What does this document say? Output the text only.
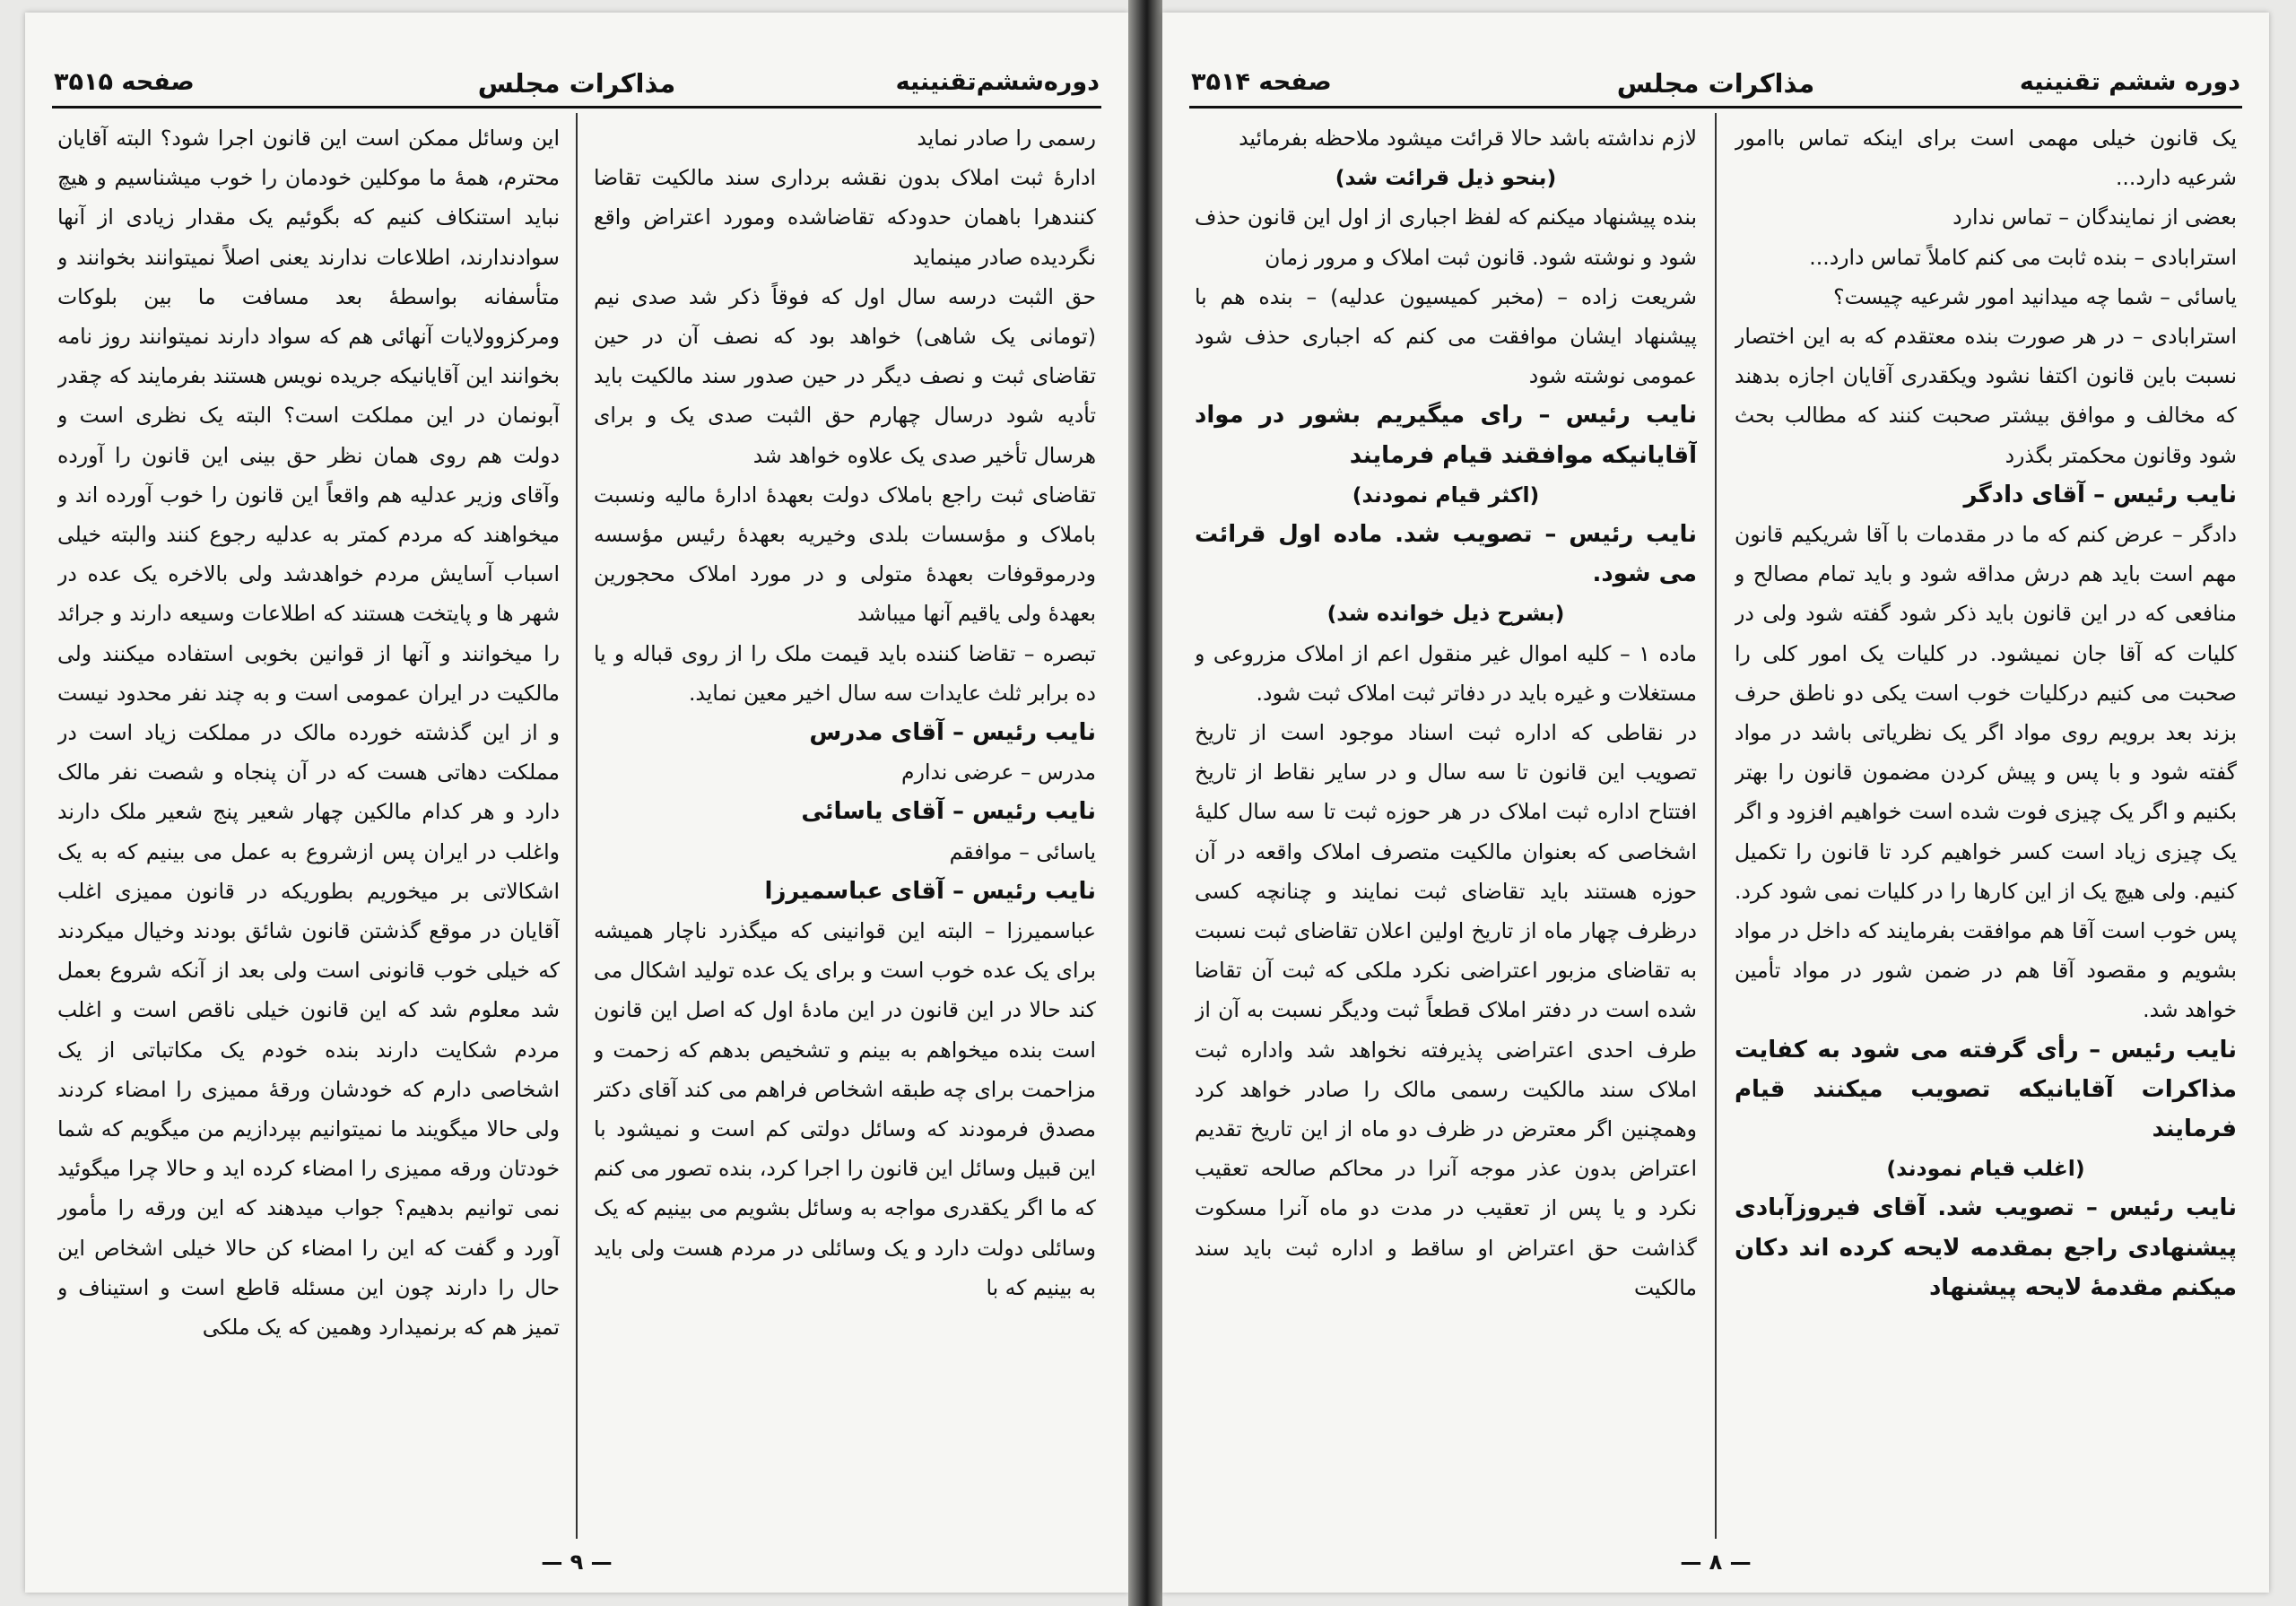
دوره‌ششم‌تقنینیه
مذاکرات مجلس
صفحه ۳۵۱۵

رسمی را صادر نماید

ادارهٔ ثبت املاک بدون نقشه برداری سند مالکیت تقاضا کنندهرا باهمان حدودکه تقاضاشده ومورد اعتراض واقع نگردیده صادر مینماید

حق الثبت درسه سال اول که فوقاً ذکر شد صدی نیم (تومانی یک شاهی) خواهد بود که نصف آن در حین تقاضای ثبت و نصف دیگر در حین صدور سند مالکیت باید تأدیه شود درسال چهارم حق الثبت صدی یک و برای هرسال تأخیر صدی یک علاوه خواهد شد

تقاضای ثبت راجع باملاک دولت بعهدهٔ ادارهٔ مالیه ونسبت باملاک و مؤسسات بلدی وخیریه بعهدهٔ رئیس مؤسسه ودرموقوفات بعهدهٔ متولی و در مورد املاک محجورین بعهدهٔ ولی یاقیم آنها میباشد

تبصره – تقاضا کننده باید قیمت ملک را از روی قباله و یا ده برابر ثلث عایدات سه سال اخیر معین نماید.

نایب رئیس – آقای مدرس

مدرس – عرضی ندارم

نایب رئیس – آقای یاسائی

یاسائی – موافقم

نایب رئیس – آقای عباسمیرزا

عباسمیرزا – البته این قوانینی که میگذرد ناچار همیشه برای یک عده خوب است و برای یک عده تولید اشکال می کند حالا در این قانون در این مادهٔ اول که اصل این قانون است بنده میخواهم به بینم و تشخیص بدهم که زحمت و مزاحمت برای چه طبقه اشخاص فراهم می کند آقای دکتر مصدق فرمودند که وسائل دولتی کم است و نمیشود با این قبیل وسائل این قانون را اجرا کرد، بنده تصور می کنم که ما اگر یکقدری مواجه به وسائل بشویم می بینیم که یک وسائلی دولت دارد و یک وسائلی در مردم هست ولی باید به بینیم که با

این وسائل ممکن است این قانون اجرا شود؟ البته آقایان محترم، همهٔ ما موکلین خودمان را خوب میشناسیم و هیچ نباید استنکاف کنیم که بگوئیم یک مقدار زیادی از آنها سوادندارند، اطلاعات ندارند یعنی اصلاً نمیتوانند بخوانند و متأسفانه بواسطهٔ بعد مسافت ما بین بلوکات ومرکزوولایات آنهائی هم که سواد دارند نمیتوانند روز نامه بخوانند این آقایانیکه جریده نویس هستند بفرمایند که چقدر آبونمان در این مملکت است؟ البته یک نظری است و دولت هم روی همان نظر حق بینی این قانون را آورده وآقای وزیر عدلیه هم واقعاً این قانون را خوب آورده اند و میخواهند که مردم کمتر به عدلیه رجوع کنند والبته خیلی اسباب آسایش مردم خواهدشد ولی بالاخره یک عده در شهر ها و پایتخت هستند که اطلاعات وسیعه دارند و جرائد را میخوانند و آنها از قوانین بخوبی استفاده میکنند ولی مالکیت در ایران عمومی است و به چند نفر محدود نیست و از این گذشته خورده مالک در مملکت زیاد است در مملکت دهاتی هست که در آن پنجاه و شصت نفر مالک دارد و هر کدام مالکین چهار شعیر پنج شعیر ملک دارند واغلب در ایران پس ازشروع به عمل می بینیم که به یک اشکالاتی بر میخوریم بطوریکه در قانون ممیزی اغلب آقایان در موقع گذشتن قانون شائق بودند وخیال میکردند که خیلی خوب قانونی است ولی بعد از آنکه شروع بعمل شد معلوم شد که این قانون خیلی ناقص است و اغلب مردم شکایت دارند بنده خودم یک مکاتباتی از یک اشخاصی دارم که خودشان ورقهٔ ممیزی را امضاء کردند ولی حالا میگویند ما نمیتوانیم بپردازیم من میگویم که شما خودتان ورقه ممیزی را امضاء کرده اید و حالا چرا میگوئید نمی توانیم بدهیم؟ جواب میدهند که این ورقه را مأمور آورد و گفت که این را امضاء کن حالا خیلی اشخاص این حال را دارند چون این مسئله قاطع است و استیناف و تمیز هم که برنمیدارد وهمین که یک ملکی

— ۹ —
دوره ششم تقنینیه
مذاکرات مجلس
صفحه ۳۵۱۴

یک قانون خیلی مهمی است برای اینکه تماس باامور شرعیه دارد...

بعضی از نمایندگان – تماس ندارد

استرابادی – بنده ثابت می کنم کاملاً تماس دارد...

یاسائی – شما چه میدانید امور شرعیه چیست؟

استرابادی – در هر صورت بنده معتقدم که به این اختصار نسبت باین قانون اکتفا نشود ویکقدری آقایان اجازه بدهند که مخالف و موافق بیشتر صحبت کنند که مطالب بحث شود وقانون محکمتر بگذرد

نایب رئیس – آقای دادگر

دادگر – عرض کنم که ما در مقدمات با آقا شریکیم قانون مهم است باید هم درش مداقه شود و باید تمام مصالح و منافعی که در این قانون باید ذکر شود گفته شود ولی در کلیات که آقا جان نمیشود. در کلیات یک امور کلی را صحبت می کنیم درکلیات خوب است یکی دو ناطق حرف بزند بعد برویم روی مواد اگر یک نظریاتی باشد در مواد گفته شود و با پس و پیش کردن مضمون قانون را بهتر بکنیم و اگر یک چیزی فوت شده است خواهیم افزود و اگر یک چیزی زیاد است کسر خواهیم کرد تا قانون را تکمیل کنیم. ولی هیچ یک از این کارها را در کلیات نمی شود کرد. پس خوب است آقا هم موافقت بفرمایند که داخل در مواد بشویم و مقصود آقا هم در ضمن شور در مواد تأمین خواهد شد.

نایب رئیس – رأی گرفته می شود به کفایت مذاکرات آقایانیکه تصویب میکنند قیام فرمایند

(اغلب قیام نمودند)

نایب رئیس – تصویب شد. آقای فیروزآبادی پیشنهادی راجع بمقدمه لایحه کرده اند دکان میکنم مقدمهٔ لایحه پیشنهاد

لازم نداشته باشد حالا قرائت میشود ملاحظه بفرمائید

(بنحو ذیل قرائت شد)

بنده پیشنهاد میکنم که لفظ اجباری از اول این قانون حذف شود و نوشته شود. قانون ثبت املاک و مرور زمان

شریعت زاده – (مخبر کمیسیون عدلیه) – بنده هم با پیشنهاد ایشان موافقت می کنم که اجباری حذف شود عمومی نوشته شود

نایب رئیس – رای میگیریم بشور در مواد آقایانیکه موافقند قیام فرمایند

(اکثر قیام نمودند)

نایب رئیس – تصویب شد. ماده اول قرائت می شود.

(بشرح ذیل خوانده شد)

ماده ۱ – کلیه اموال غیر منقول اعم از املاک مزروعی و مستغلات و غیره باید در دفاتر ثبت املاک ثبت شود.

در نقاطی که اداره ثبت اسناد موجود است از تاریخ تصویب این قانون تا سه سال و در سایر نقاط از تاریخ افتتاح اداره ثبت املاک در هر حوزه ثبت تا سه سال کلیهٔ اشخاصی که بعنوان مالکیت متصرف املاک واقعه در آن حوزه هستند باید تقاضای ثبت نمایند و چنانچه کسی درظرف چهار ماه از تاریخ اولین اعلان تقاضای ثبت نسبت به تقاضای مزبور اعتراضی نکرد ملکی که ثبت آن تقاضا شده است در دفتر املاک قطعاً ثبت ودیگر نسبت به آن از طرف احدی اعتراضی پذیرفته نخواهد شد واداره ثبت املاک سند مالکیت رسمی مالک را صادر خواهد کرد وهمچنین اگر معترض در ظرف دو ماه از این تاریخ تقدیم اعتراض بدون عذر موجه آنرا در محاکم صالحه تعقیب نکرد و یا پس از تعقیب در مدت دو ماه آنرا مسکوت گذاشت حق اعتراض او ساقط و اداره ثبت باید سند مالکیت

— ۸ —
